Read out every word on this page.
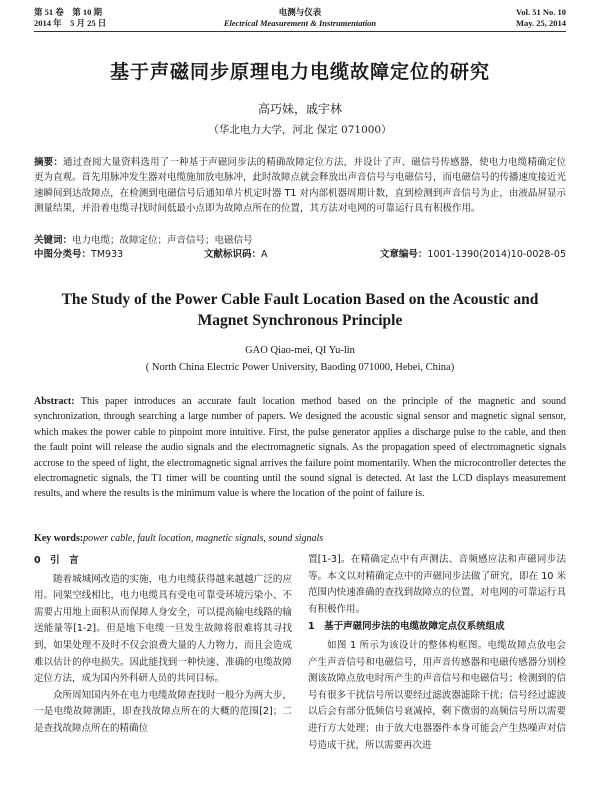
第 51 卷　第 10 期
2014 年　5 月 25 日
电测与仪表
Electrical Measurement & Instrumentation
Vol. 51 No. 10
May. 25, 2014
基于声磁同步原理电力电缆故障定位的研究
高巧妹，戚宇林
（华北电力大学，河北 保定 071000）
摘要：通过查阅大量资料选用了一种基于声磁同步法的精确故障定位方法，并设计了声、磁信号传感器，使电力电缆精确定位更为直观。首先用脉冲发生器对电缆施加放电脉冲，此时故障点就会释放出声音信号与电磁信号，而电磁信号的传播速度接近光速瞬间到达故障点，在检测到电磁信号后通知单片机定时器 T1 对内部机器周期计数，直到检测到声音信号为止，由液晶屏显示测量结果，并沿着电缆寻找时间低最小点即为故障点所在的位置，其方法对电网的可靠运行具有积极作用。
关键词：电力电缆；故障定位；声音信号；电磁信号
中图分类号：TM933	文献标识码：A	文章编号：1001-1390(2014)10-0028-05
The Study of the Power Cable Fault Location Based on the Acoustic and Magnet Synchronous Principle
GAO Qiao-mei, QI Yu-lin
( North China Electric Power University, Baoding 071000, Hebei, China)
Abstract: This paper introduces an accurate fault location method based on the principle of the magnetic and sound synchronization, through searching a large number of papers. We designed the acoustic signal sensor and magnetic signal sensor, which makes the power cable to pinpoint more intuitive. First, the pulse generator applies a discharge pulse to the cable, and then the fault point will release the audio signals and the electromagnetic signals. As the propagation speed of electromagnetic signals accrose to the speed of light, the electromagnetic signal arrives the failure point momentarily. When the microcontroller detectes the electromagnetic signals, the T1 timer will be counting until the sound signal is detected. At last the LCD displays measurement results, and where the results is the minimum value is where the location of the point of failure is.
Key words:power cable, fault location, magnetic signals, sound signals

0　引　言

随着城城网改造的实施，电力电缆获得越来越越广泛的应用。同架空线相比，电力电缆具有受电可靠受环境污染小、不需要占用地上面积从而保障人身安全，可以提高输电线路的输送能量等[1-2]。但是地下电缆一旦发生故障将很难将其寻找到，如果处理不及时不仅会浪费大量的人力物力，而且会造成难以估计的停电损失。因此能找到一种快速、准确的电缆故障定位方法，成为国内外科研人员的共同目标。

众所周知国内外在电力电缆故障查找时一般分为两大步，一是电缆故障测距，即查找故障点所在的大概的范围[2]；二是查找故障点所在的精确位

置[1-3]。在精确定点中有声测法、音频感应法和声磁同步法等。本文以对精确定点中的声磁同步法做了研究，即在 10 米范围内快速准确的查找到故障点的位置，对电网的可靠运行具有积极作用。

1　基于声磁同步法的电缆故障定点仪系统组成

如图 1 所示为该设计的整体构框图。电缆故障点放电会产生声音信号和电磁信号，用声音传感器和电磁传感器分别检测该故障点放电时所产生的声音信号和电磁信号；检测到的信号有很多干扰信号所以要经过滤波器滤除干扰；信号经过滤波以后会有部分低频信号衰减掉，剩下微弱的高频信号所以需要进行方大处理；由于放大电器器件本身可能会产生热噪声对信号造成干扰，所以需要再次进
